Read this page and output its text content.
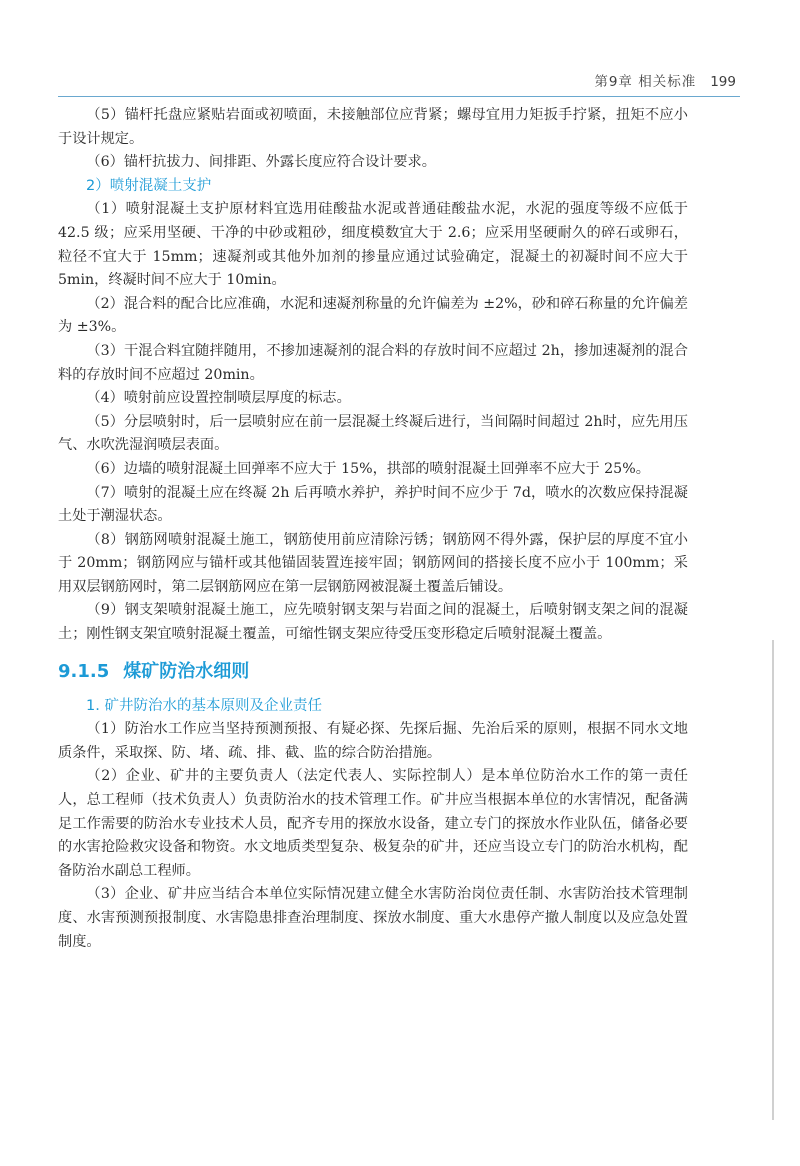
第9章 相关标准 199

（5）锚杆托盘应紧贴岩面或初喷面，未接触部位应背紧；螺母宜用力矩扳手拧紧，扭矩不应小于设计规定。

（6）锚杆抗拔力、间排距、外露长度应符合设计要求。

2）喷射混凝土支护

（1）喷射混凝土支护原材料宜选用硅酸盐水泥或普通硅酸盐水泥，水泥的强度等级不应低于 42.5 级；应采用坚硬、干净的中砂或粗砂，细度模数宜大于 2.6；应采用坚硬耐久的碎石或卵石，粒径不宜大于 15mm；速凝剂或其他外加剂的掺量应通过试验确定，混凝土的初凝时间不应大于 5min，终凝时间不应大于 10min。

（2）混合料的配合比应准确，水泥和速凝剂称量的允许偏差为 ±2%，砂和碎石称量的允许偏差为 ±3%。

（3）干混合料宜随拌随用，不掺加速凝剂的混合料的存放时间不应超过 2h，掺加速凝剂的混合料的存放时间不应超过 20min。

（4）喷射前应设置控制喷层厚度的标志。

（5）分层喷射时，后一层喷射应在前一层混凝土终凝后进行，当间隔时间超过 2h时，应先用压气、水吹洗湿润喷层表面。

（6）边墙的喷射混凝土回弹率不应大于 15%，拱部的喷射混凝土回弹率不应大于 25%。

（7）喷射的混凝土应在终凝 2h 后再喷水养护，养护时间不应少于 7d，喷水的次数应保持混凝土处于潮湿状态。

（8）钢筋网喷射混凝土施工，钢筋使用前应清除污锈；钢筋网不得外露，保护层的厚度不宜小于 20mm；钢筋网应与锚杆或其他锚固装置连接牢固；钢筋网间的搭接长度不应小于 100mm；采用双层钢筋网时，第二层钢筋网应在第一层钢筋网被混凝土覆盖后铺设。

（9）钢支架喷射混凝土施工，应先喷射钢支架与岩面之间的混凝土，后喷射钢支架之间的混凝土；刚性钢支架宜喷射混凝土覆盖，可缩性钢支架应待受压变形稳定后喷射混凝土覆盖。

9.1.5 煤矿防治水细则
1. 矿井防治水的基本原则及企业责任

（1）防治水工作应当坚持预测预报、有疑必探、先探后掘、先治后采的原则，根据不同水文地质条件，采取探、防、堵、疏、排、截、监的综合防治措施。

（2）企业、矿井的主要负责人（法定代表人、实际控制人）是本单位防治水工作的第一责任人，总工程师（技术负责人）负责防治水的技术管理工作。矿井应当根据本单位的水害情况，配备满足工作需要的防治水专业技术人员，配齐专用的探放水设备，建立专门的探放水作业队伍，储备必要的水害抢险救灾设备和物资。水文地质类型复杂、极复杂的矿井，还应当设立专门的防治水机构，配备防治水副总工程师。

（3）企业、矿井应当结合本单位实际情况建立健全水害防治岗位责任制、水害防治技术管理制度、水害预测预报制度、水害隐患排查治理制度、探放水制度、重大水患停产撤人制度以及应急处置制度。
